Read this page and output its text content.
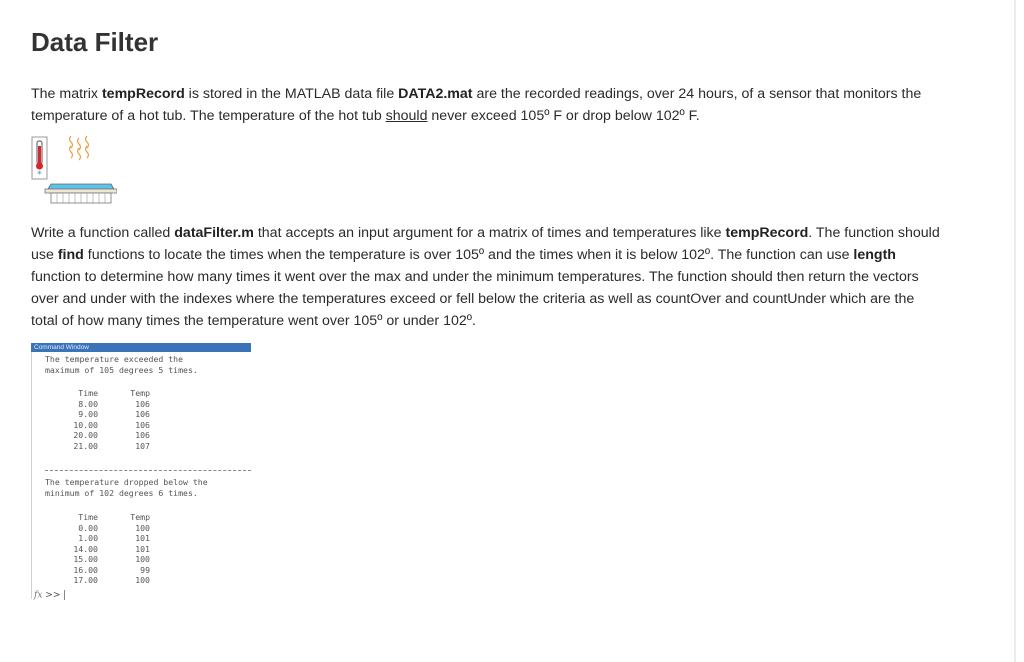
Data Filter
The matrix tempRecord is stored in the MATLAB data file DATA2.mat are the recorded readings, over 24 hours, of a sensor that monitors the temperature of a hot tub. The temperature of the hot tub should never exceed 105º F or drop below 102º F.
Write a function called dataFilter.m that accepts an input argument for a matrix of times and temperatures like tempRecord. The function should use find functions to locate the times when the temperature is over 105º and the times when it is below 102º. The function can use length function to determine how many times it went over the max and under the minimum temperatures. The function should then return the vectors over and under with the indexes where the temperatures exceed or fell below the criteria as well as countOver and countUnder which are the total of how many times the temperature went over 105º or under 102º.
*
Command Window
The temperature exceeded the
maximum of 105 degrees 5 times.
Time	Temp
8.00	106
9.00	106
10.00	106
20.00	106
21.00	107
The temperature dropped below the
minimum of 102 degrees 6 times.
Time	Temp
0.00	100
1.00	101
14.00	101
15.00	100
16.00	99
17.00	100
fx >>
